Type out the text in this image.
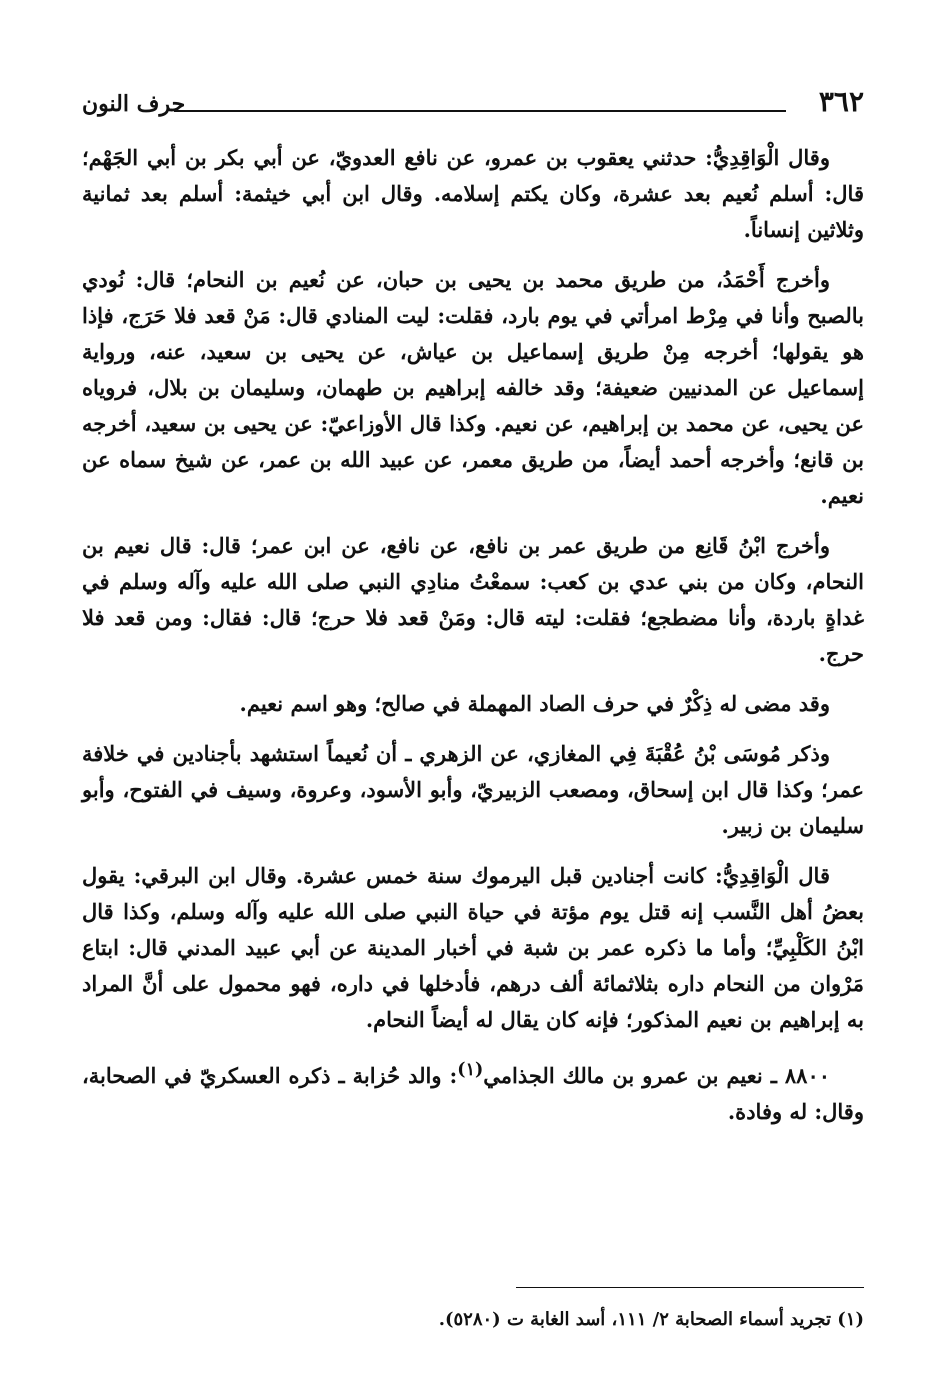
٣٦٢
حرف النون

وقال الْوَاقِدِيُّ: حدثني يعقوب بن عمرو، عن نافع العدويّ، عن أبي بكر بن أبي الجَهْم؛ قال: أسلم نُعيم بعد عشرة، وكان يكتم إسلامه. وقال ابن أبي خيثمة: أسلم بعد ثمانية وثلاثين إنساناً.

وأخرج أَحْمَدُ، من طريق محمد بن يحيى بن حبان، عن نُعيم بن النحام؛ قال: نُودي بالصبح وأنا في مِرْط امرأتي في يوم بارد، فقلت: ليت المنادي قال: مَنْ قعد فلا حَرَج، فإذا هو يقولها؛ أخرجه مِنْ طريق إسماعيل بن عياش، عن يحيى بن سعيد، عنه، ورواية إسماعيل عن المدنيين ضعيفة؛ وقد خالفه إبراهيم بن طهمان، وسليمان بن بلال، فروياه عن يحيى، عن محمد بن إبراهيم، عن نعيم. وكذا قال الأوزاعيّ: عن يحيى بن سعيد، أخرجه بن قانع؛ وأخرجه أحمد أيضاً، من طريق معمر، عن عبيد الله بن عمر، عن شيخ سماه عن نعيم.

وأخرج ابْنُ قَانِع من طريق عمر بن نافع، عن نافع، عن ابن عمر؛ قال: قال نعيم بن النحام، وكان من بني عدي بن كعب: سمعْتُ منادِي النبي صلى الله عليه وآله وسلم في غداةٍ باردة، وأنا مضطجع؛ فقلت: ليته قال: ومَنْ قعد فلا حرج؛ قال: فقال: ومن قعد فلا حرج.

وقد مضى له ذِكْرٌ في حرف الصاد المهملة في صالح؛ وهو اسم نعيم.

وذكر مُوسَى بْنُ عُقْبَةَ فِي المغازي، عن الزهري ـ أن نُعيماً استشهد بأجنادين في خلافة عمر؛ وكذا قال ابن إسحاق، ومصعب الزبيريّ، وأبو الأسود، وعروة، وسيف في الفتوح، وأبو سليمان بن زبير.

قال الْوَاقِدِيُّ: كانت أجنادين قبل اليرموك سنة خمس عشرة. وقال ابن البرقي: يقول بعضُ أهل النَّسب إنه قتل يوم مؤتة في حياة النبي صلى الله عليه وآله وسلم، وكذا قال ابْنُ الكَلْبِيِّ؛ وأما ما ذكره عمر بن شبة في أخبار المدينة عن أبي عبيد المدني قال: ابتاع مَرْوان من النحام داره بثلاثمائة ألف درهم، فأدخلها في داره، فهو محمول على أنَّ المراد به إبراهيم بن نعيم المذكور؛ فإنه كان يقال له أيضاً النحام.

٨٨٠٠ ـ نعيم بن عمرو بن مالك الجذامي$^{(١)}$: والد حُزابة ـ ذكره العسكريّ في الصحابة، وقال: له وفادة.

(١) تجريد أسماء الصحابة ٢/ ١١١، أسد الغابة ت (٥٢٨٠).
